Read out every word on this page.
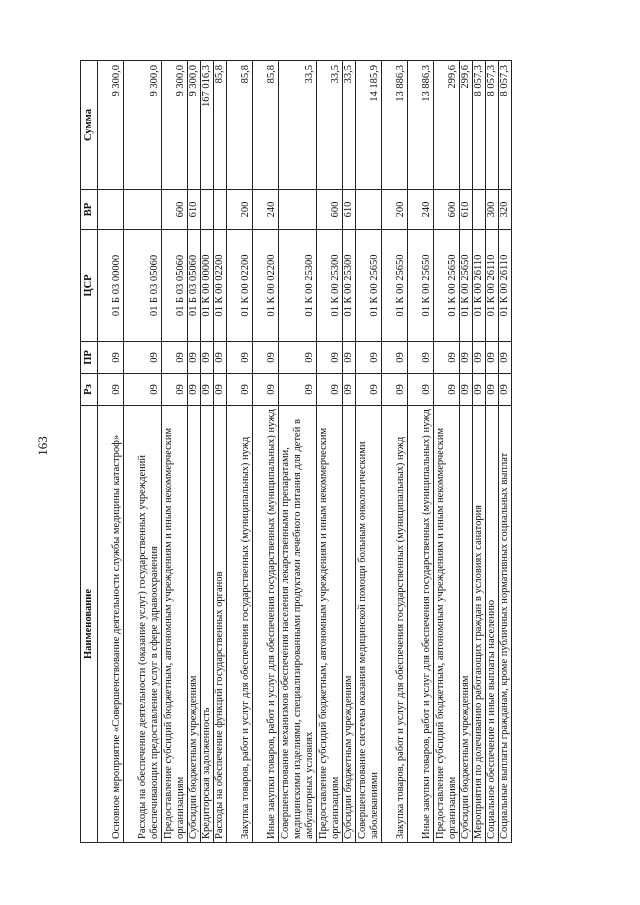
163
Наименование	Рз	ПР	ЦСР	ВР	Сумма
Основное мероприятие «Совершенствование деятельности службы медицины катастроф»	09	09	01 Б 03 00000		9 300,0
Расходы на обеспечение деятельности (оказание услуг) государственных учреждений обеспечивающих предоставление услуг в сфере здравоохранения	09	09	01 Б 03 05060		9 300,0
Предоставление субсидий бюджетным, автономным учреждениям и иным некоммерческим организациям	09	09	01 Б 03 05060	600	9 300,0
Субсидии бюджетным учреждениям	09	09	01 Б 03 05060	610	9 300,0
Кредиторская задолженность	09	09	01 К 00 00000		167 016,3
Расходы на обеспечение функций государственных органов	09	09	01 К 00 02200		85,8
Закупка товаров, работ и услуг для обеспечения государственных (муниципальных) нужд	09	09	01 К 00 02200	200	85,8
Иные закупки товаров, работ и услуг для обеспечения государственных (муниципальных) нужд	09	09	01 К 00 02200	240	85,8
Совершенствование механизмов обеспечения населения лекарственными препаратами, медицинскими изделиями, специализированными продуктами лечебного питания для детей в амбулаторных условиях	09	09	01 К 00 25300		33,5
Предоставление субсидий бюджетным, автономным учреждениям и иным некоммерческим организациям	09	09	01 К 00 25300	600	33,5
Субсидии бюджетным учреждениям	09	09	01 К 00 25300	610	33,5
Совершенствование системы оказания медицинской помощи больным онкологическими заболеваниями	09	09	01 К 00 25650		14 185,9
Закупка товаров, работ и услуг для обеспечения государственных (муниципальных) нужд	09	09	01 К 00 25650	200	13 886,3
Иные закупки товаров, работ и услуг для обеспечения государственных (муниципальных) нужд	09	09	01 К 00 25650	240	13 886,3
Предоставление субсидий бюджетным, автономным учреждениям и иным некоммерческим организациям	09	09	01 К 00 25650	600	299,6
Субсидии бюджетным учреждениям	09	09	01 К 00 25650	610	299,6
Мероприятия по долечиванию работающих граждан в условиях санатория	09	09	01 К 00 26110		8 057,3
Социальное обеспечение и иные выплаты населению	09	09	01 К 00 26110	300	8 057,3
Социальные выплаты гражданам, кроме публичных нормативных социальных выплат	09	09	01 К 00 26110	320	8 057,3
